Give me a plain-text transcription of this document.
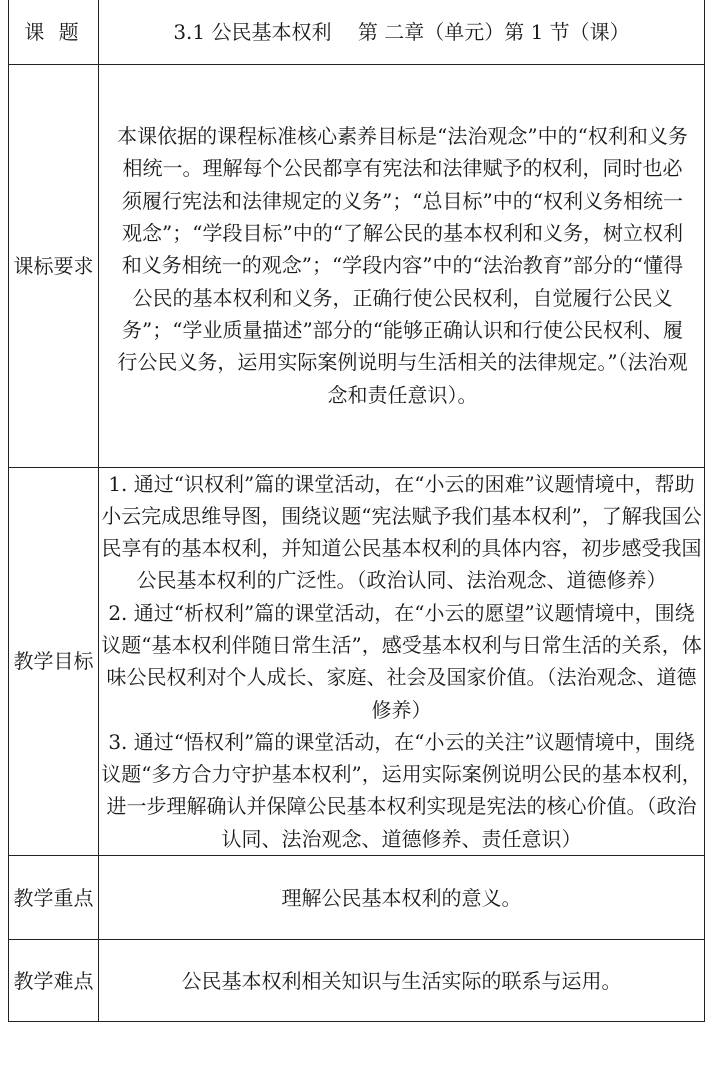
课 题	3.1 公民基本权利　 第 二章（单元）第 1 节（课）
课标要求	本课依据的课程标准核心素养目标是“法治观念”中的“权利和义务相统一。理解每个公民都享有宪法和法律赋予的权利，同时也必须履行宪法和法律规定的义务”；“总目标”中的“权利义务相统一观念”；“学段目标”中的“了解公民的基本权利和义务，树立权利和义务相统一的观念”；“学段内容”中的“法治教育”部分的“懂得公民的基本权利和义务，正确行使公民权利，自觉履行公民义务”；“学业质量描述”部分的“能够正确认识和行使公民权利、履行公民义务，运用实际案例说明与生活相关的法律规定。”（法治观念和责任意识）。

教学目标	1. 通过“识权利”篇的课堂活动，在“小云的困难”议题情境中，帮助小云完成思维导图，围绕议题“宪法赋予我们基本权利”，了解我国公民享有的基本权利，并知道公民基本权利的具体内容，初步感受我国公民基本权利的广泛性。（政治认同、法治观念、道德修养）

2. 通过“析权利”篇的课堂活动，在“小云的愿望”议题情境中，围绕议题“基本权利伴随日常生活”，感受基本权利与日常生活的关系，体味公民权利对个人成长、家庭、社会及国家价值。（法治观念、道德修养）

3. 通过“悟权利”篇的课堂活动，在“小云的关注”议题情境中，围绕议题“多方合力守护基本权利”，运用实际案例说明公民的基本权利，进一步理解确认并保障公民基本权利实现是宪法的核心价值。（政治认同、法治观念、道德修养、责任意识）

教学重点	理解公民基本权利的意义。
教学难点	公民基本权利相关知识与生活实际的联系与运用。
